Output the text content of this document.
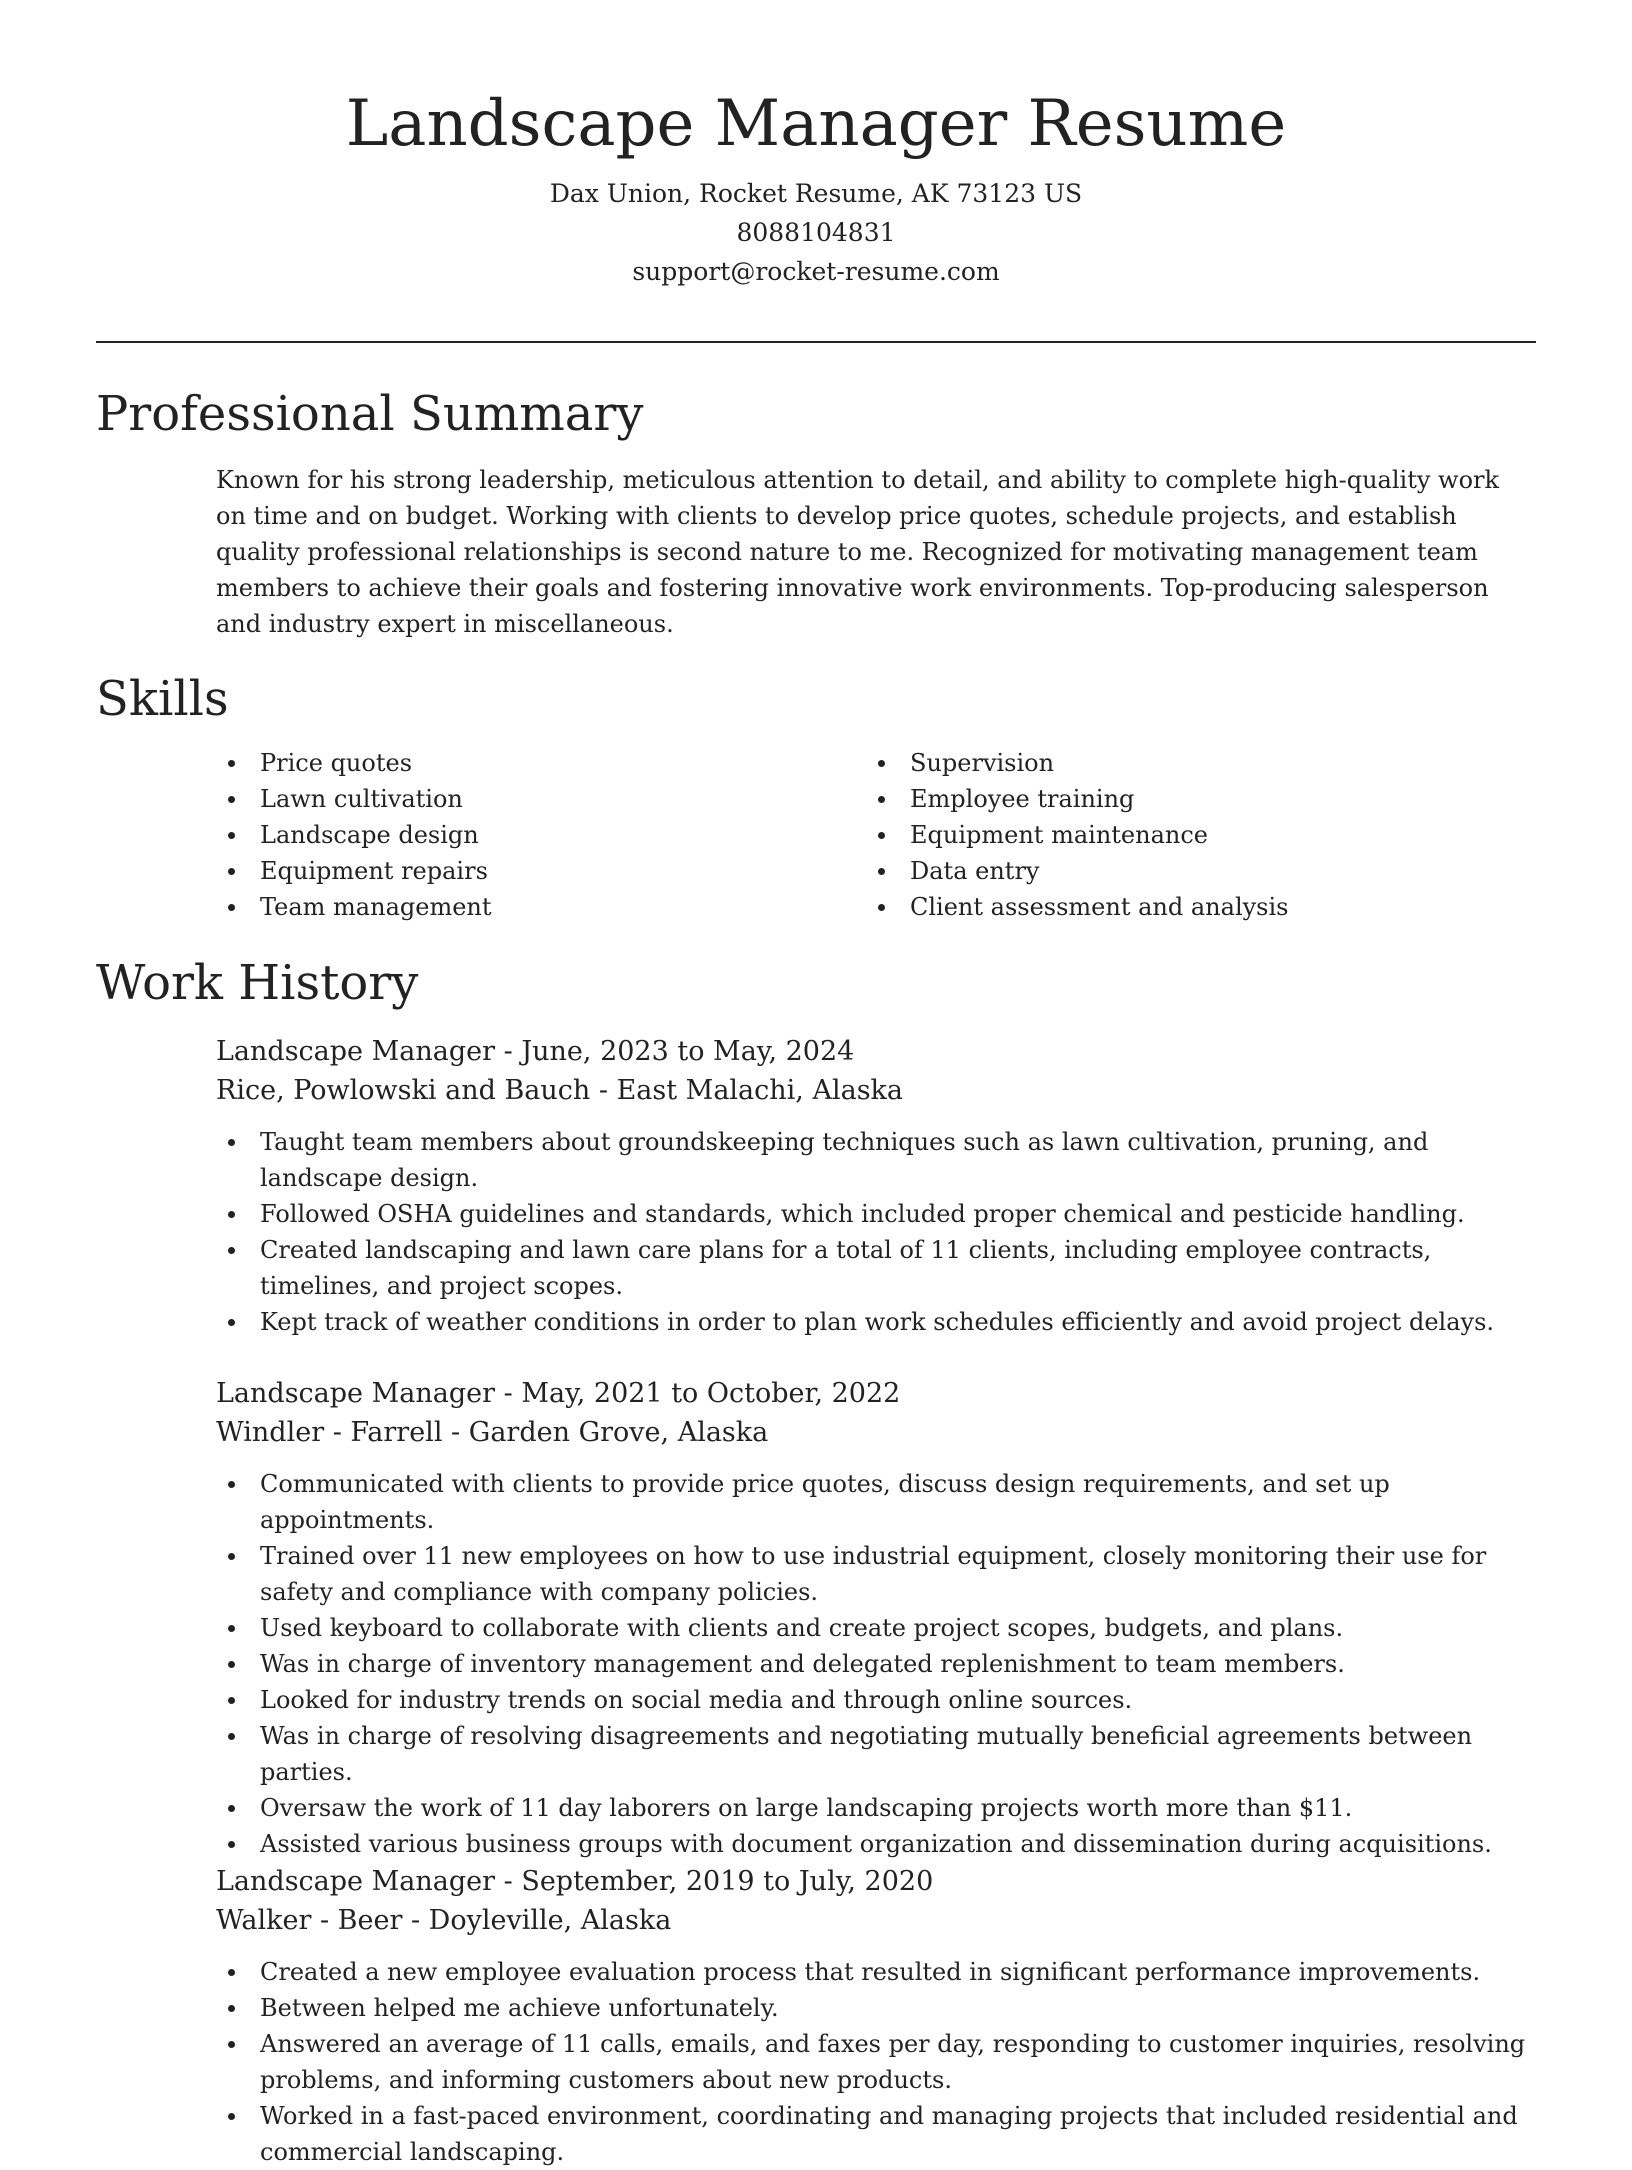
Landscape Manager Resume
Dax Union, Rocket Resume, AK 73123 US
8088104831
support@rocket-resume.com
Professional Summary

Known for his strong leadership, meticulous attention to detail, and ability to complete high-quality work on time and on budget. Working with clients to develop price quotes, schedule projects, and establish quality professional relationships is second nature to me. Recognized for motivating management team members to achieve their goals and fostering innovative work environments. Top-producing salesperson and industry expert in miscellaneous.

Skills
Price quotes
Lawn cultivation
Landscape design
Equipment repairs
Team management
Supervision
Employee training
Equipment maintenance
Data entry
Client assessment and analysis
Work History
Landscape Manager - June, 2023 to May, 2024
Rice, Powlowski and Bauch - East Malachi, Alaska
Taught team members about groundskeeping techniques such as lawn cultivation, pruning, and landscape design.
Followed OSHA guidelines and standards, which included proper chemical and pesticide handling.
Created landscaping and lawn care plans for a total of 11 clients, including employee contracts, timelines, and project scopes.
Kept track of weather conditions in order to plan work schedules efficiently and avoid project delays.
Landscape Manager - May, 2021 to October, 2022
Windler - Farrell - Garden Grove, Alaska
Communicated with clients to provide price quotes, discuss design requirements, and set up appointments.
Trained over 11 new employees on how to use industrial equipment, closely monitoring their use for safety and compliance with company policies.
Used keyboard to collaborate with clients and create project scopes, budgets, and plans.
Was in charge of inventory management and delegated replenishment to team members.
Looked for industry trends on social media and through online sources.
Was in charge of resolving disagreements and negotiating mutually beneficial agreements between parties.
Oversaw the work of 11 day laborers on large landscaping projects worth more than $11.
Assisted various business groups with document organization and dissemination during acquisitions.
Landscape Manager - September, 2019 to July, 2020
Walker - Beer - Doyleville, Alaska
Created a new employee evaluation process that resulted in significant performance improvements.
Between helped me achieve unfortunately.
Answered an average of 11 calls, emails, and faxes per day, responding to customer inquiries, resolving problems, and informing customers about new products.
Worked in a fast-paced environment, coordinating and managing projects that included residential and commercial landscaping.
